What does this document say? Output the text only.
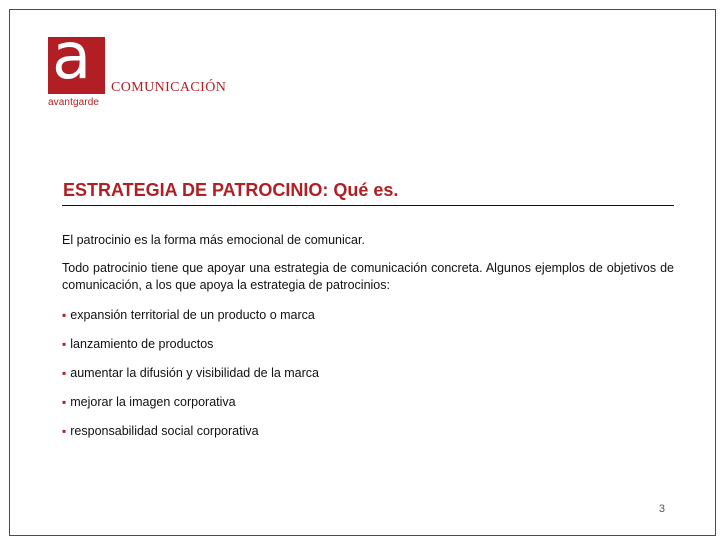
a
avantgarde
COMUNICACIÓN
ESTRATEGIA DE PATROCINIO: Qué es.

El patrocinio es la forma más emocional de comunicar.

Todo patrocinio tiene que apoyar una estrategia de comunicación concreta. Algunos ejemplos de objetivos de comunicación, a los que apoya la estrategia de patrocinios:

▪ expansión territorial de un producto o marca
▪ lanzamiento de productos
▪ aumentar la difusión y visibilidad de la marca
▪ mejorar la imagen corporativa
▪ responsabilidad social corporativa
3
